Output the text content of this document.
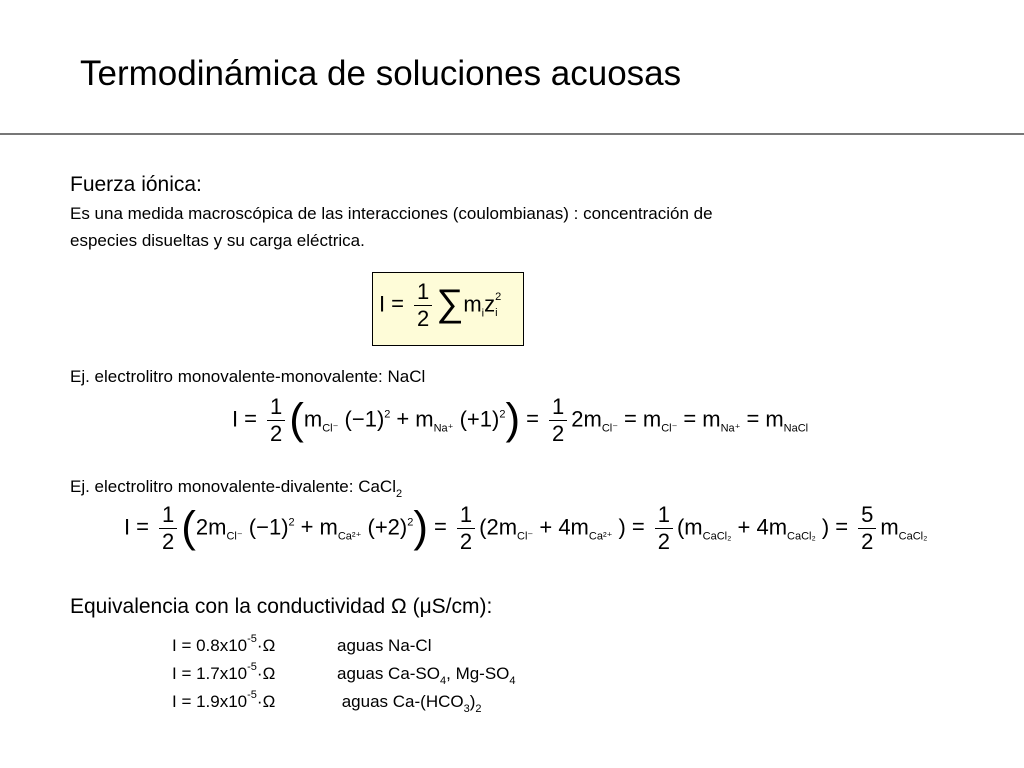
Termodinámica de soluciones acuosas
Fuerza iónica:
Es una medida macroscópica de las interacciones (coulombianas) : concentración de
especies disueltas y su carga eléctrica.
$I = \frac{1}{2} \sum m_iz$ 2
i
Ej. electrolitro monovalente-monovalente: NaCl
$I = \frac{1}{2} (m_{Cl^-}$ $(-1)^2 + m_{Na^+}$ $(+1)^2) = \frac{1}{2} 2m_{Cl^-} = m_{Cl^-} = m_{Na^+} = m_{NaCl}$
Ej. electrolitro monovalente-divalente: CaCl$_2$
$I = \frac{1}{2} (2m_{Cl^-}$ $(-1)^2 + m_{Ca^{2+}}$ $(+2)^2) = \frac{1}{2} (2m_{Cl^-} + 4m_{Ca^{2+}}$ ) = $\frac{1}{2} (m_{CaCl_2} + 4m_{CaCl_2}$ ) = $\frac{5}{2} m_{CaCl_2}$
Equivalencia con la conductividad Ω (μS/cm):
$I = 0.8x10^{-5}\cdot\Omega$	aguas Na-Cl
$I = 1.7x10^{-5}\cdot\Omega$	aguas $Ca-SO_4$, $Mg-SO_4$
$I = 1.9x10^{-5}\cdot\Omega$	aguas $Ca-(HCO_3)_2$
